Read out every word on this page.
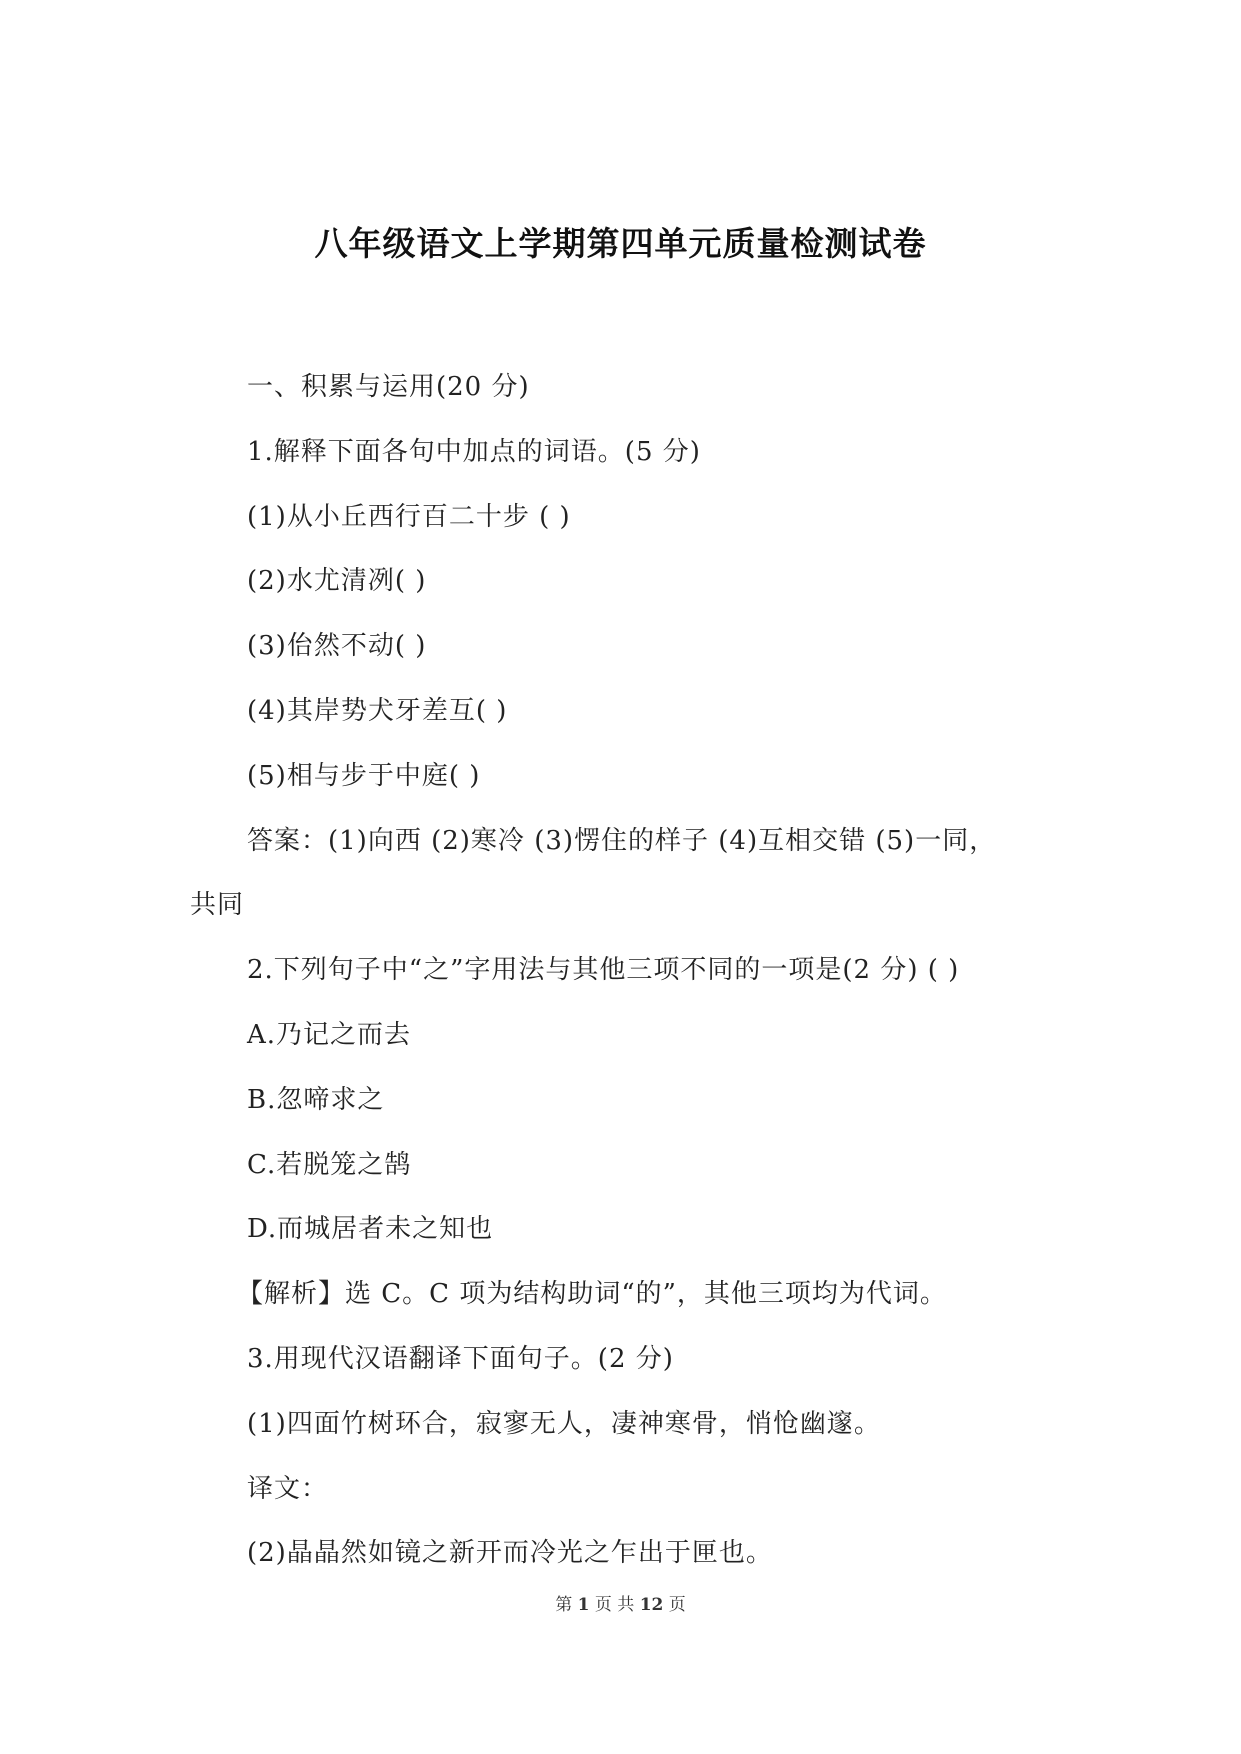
八年级语文上学期第四单元质量检测试卷
一、积累与运用(20 分)
1.解释下面各句中加点的词语。(5 分)
(1)从小丘西行百二十步 ( )
(2)水尤清冽( )
(3)佁然不动( )
(4)其岸势犬牙差互( )
(5)相与步于中庭( )
答案：(1)向西 (2)寒冷 (3)愣住的样子 (4)互相交错 (5)一同，
共同
2.下列句子中“之”字用法与其他三项不同的一项是(2 分) ( )
A.乃记之而去
B.忽啼求之
C.若脱笼之鹄
D.而城居者未之知也
【解析】选 C。C 项为结构助词“的”，其他三项均为代词。
3.用现代汉语翻译下面句子。(2 分)
(1)四面竹树环合，寂寥无人，凄神寒骨，悄怆幽邃。
译文：
(2)晶晶然如镜之新开而冷光之乍出于匣也。
第 1 页 共 12 页
